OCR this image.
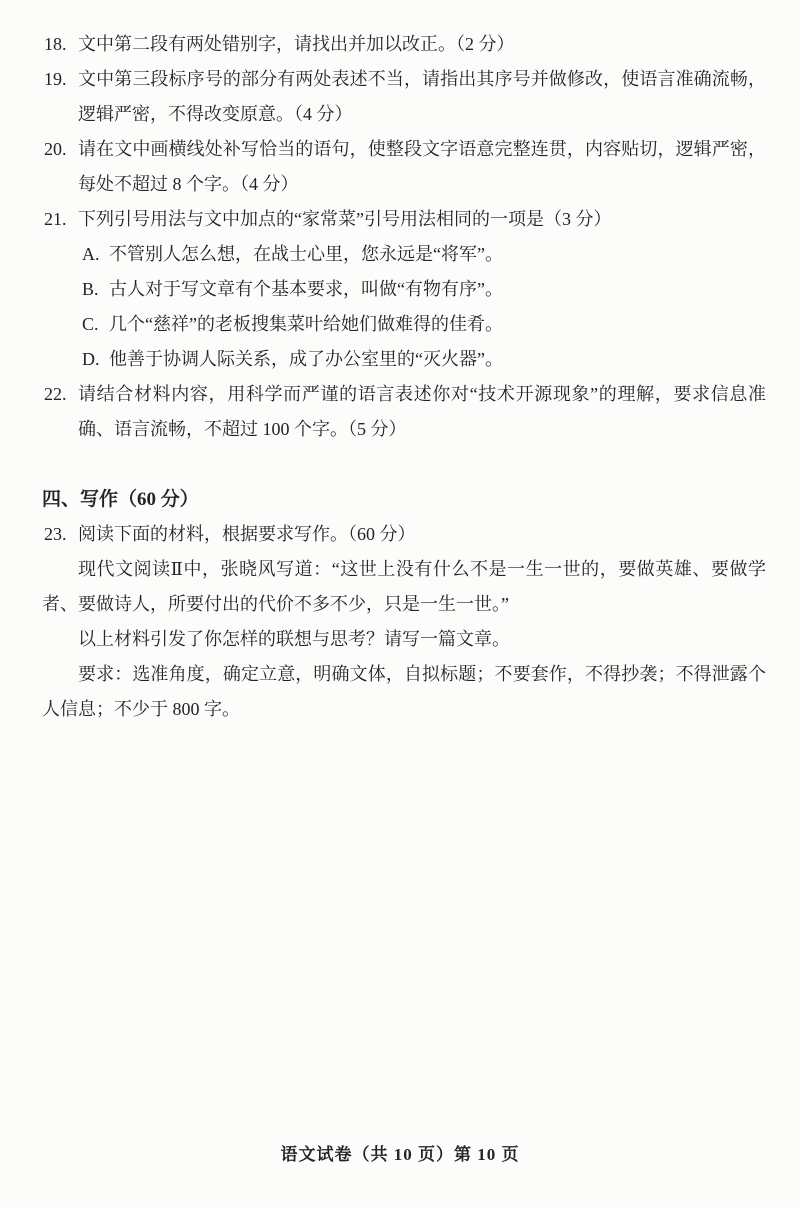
18. 文中第二段有两处错别字，请找出并加以改正。（2 分）

19. 文中第三段标序号的部分有两处表述不当，请指出其序号并做修改，使语言准确流畅，逻辑严密，不得改变原意。（4 分）

20. 请在文中画横线处补写恰当的语句，使整段文字语意完整连贯，内容贴切，逻辑严密，每处不超过 8 个字。（4 分）

21. 下列引号用法与文中加点的“家常菜”引号用法相同的一项是（3 分）

A. 不管别人怎么想，在战士心里，您永远是“将军”。

B. 古人对于写文章有个基本要求，叫做“有物有序”。

C. 几个“慈祥”的老板搜集菜叶给她们做难得的佳肴。

D. 他善于协调人际关系，成了办公室里的“灭火器”。

22. 请结合材料内容，用科学而严谨的语言表述你对“技术开源现象”的理解，要求信息准确、语言流畅，不超过 100 个字。（5 分）

四、写作（60 分）

23. 阅读下面的材料，根据要求写作。（60 分）

现代文阅读Ⅱ中，张晓风写道：“这世上没有什么不是一生一世的，要做英雄、要做学者、要做诗人，所要付出的代价不多不少，只是一生一世。”

以上材料引发了你怎样的联想与思考？请写一篇文章。

要求：选准角度，确定立意，明确文体，自拟标题；不要套作，不得抄袭；不得泄露个人信息；不少于 800 字。

语文试卷（共 10 页）第 10 页
